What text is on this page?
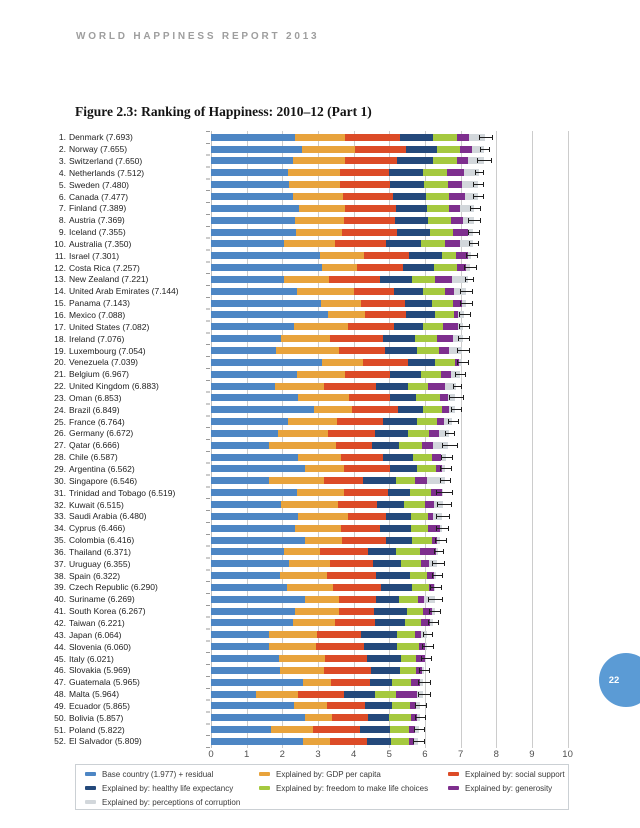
WORLD HAPPINESS REPORT 2013
Figure 2.3: Ranking of Happiness: 2010–12 (Part 1)
0	1	2	3	4	5	6	7	8	9	10
1. Denmark (7.693)
2. Norway (7.655)
3. Switzerland (7.650)
4. Netherlands (7.512)
5. Sweden (7.480)
6. Canada (7.477)
7. Finland (7.389)
8. Austria (7.369)
9. Iceland (7.355)
10. Australia (7.350)
11. Israel (7.301)
12. Costa Rica (7.257)
13. New Zealand (7.221)
14. United Arab Emirates (7.144)
15. Panama (7.143)
16. Mexico (7.088)
17. United States (7.082)
18. Ireland (7.076)
19. Luxembourg (7.054)
20. Venezuela (7.039)
21. Belgium (6.967)
22. United Kingdom (6.883)
23. Oman (6.853)
24. Brazil (6.849)
25. France (6.764)
26. Germany (6.672)
27. Qatar (6.666)
28. Chile (6.587)
29. Argentina (6.562)
30. Singapore (6.546)
31. Trinidad and Tobago (6.519)
32. Kuwait (6.515)
33. Saudi Arabia (6.480)
34. Cyprus (6.466)
35. Colombia (6.416)
36. Thailand (6.371)
37. Uruguay (6.355)
38. Spain (6.322)
39. Czech Republic (6.290)
40. Suriname (6.269)
41. South Korea (6.267)
42. Taiwan (6.221)
43. Japan (6.064)
44. Slovenia (6.060)
45. Italy (6.021)
46. Slovakia (5.969)
47. Guatemala (5.965)
48. Malta (5.964)
49. Ecuador (5.865)
50. Bolivia (5.857)
51. Poland (5.822)
52. El Salvador (5.809)
Base country (1.977) + residual
Explained by: healthy life expectancy
Explained by: perceptions of corruption
Explained by: GDP per capita
Explained by: freedom to make life choices
Explained by: social support
Explained by: generosity
22
